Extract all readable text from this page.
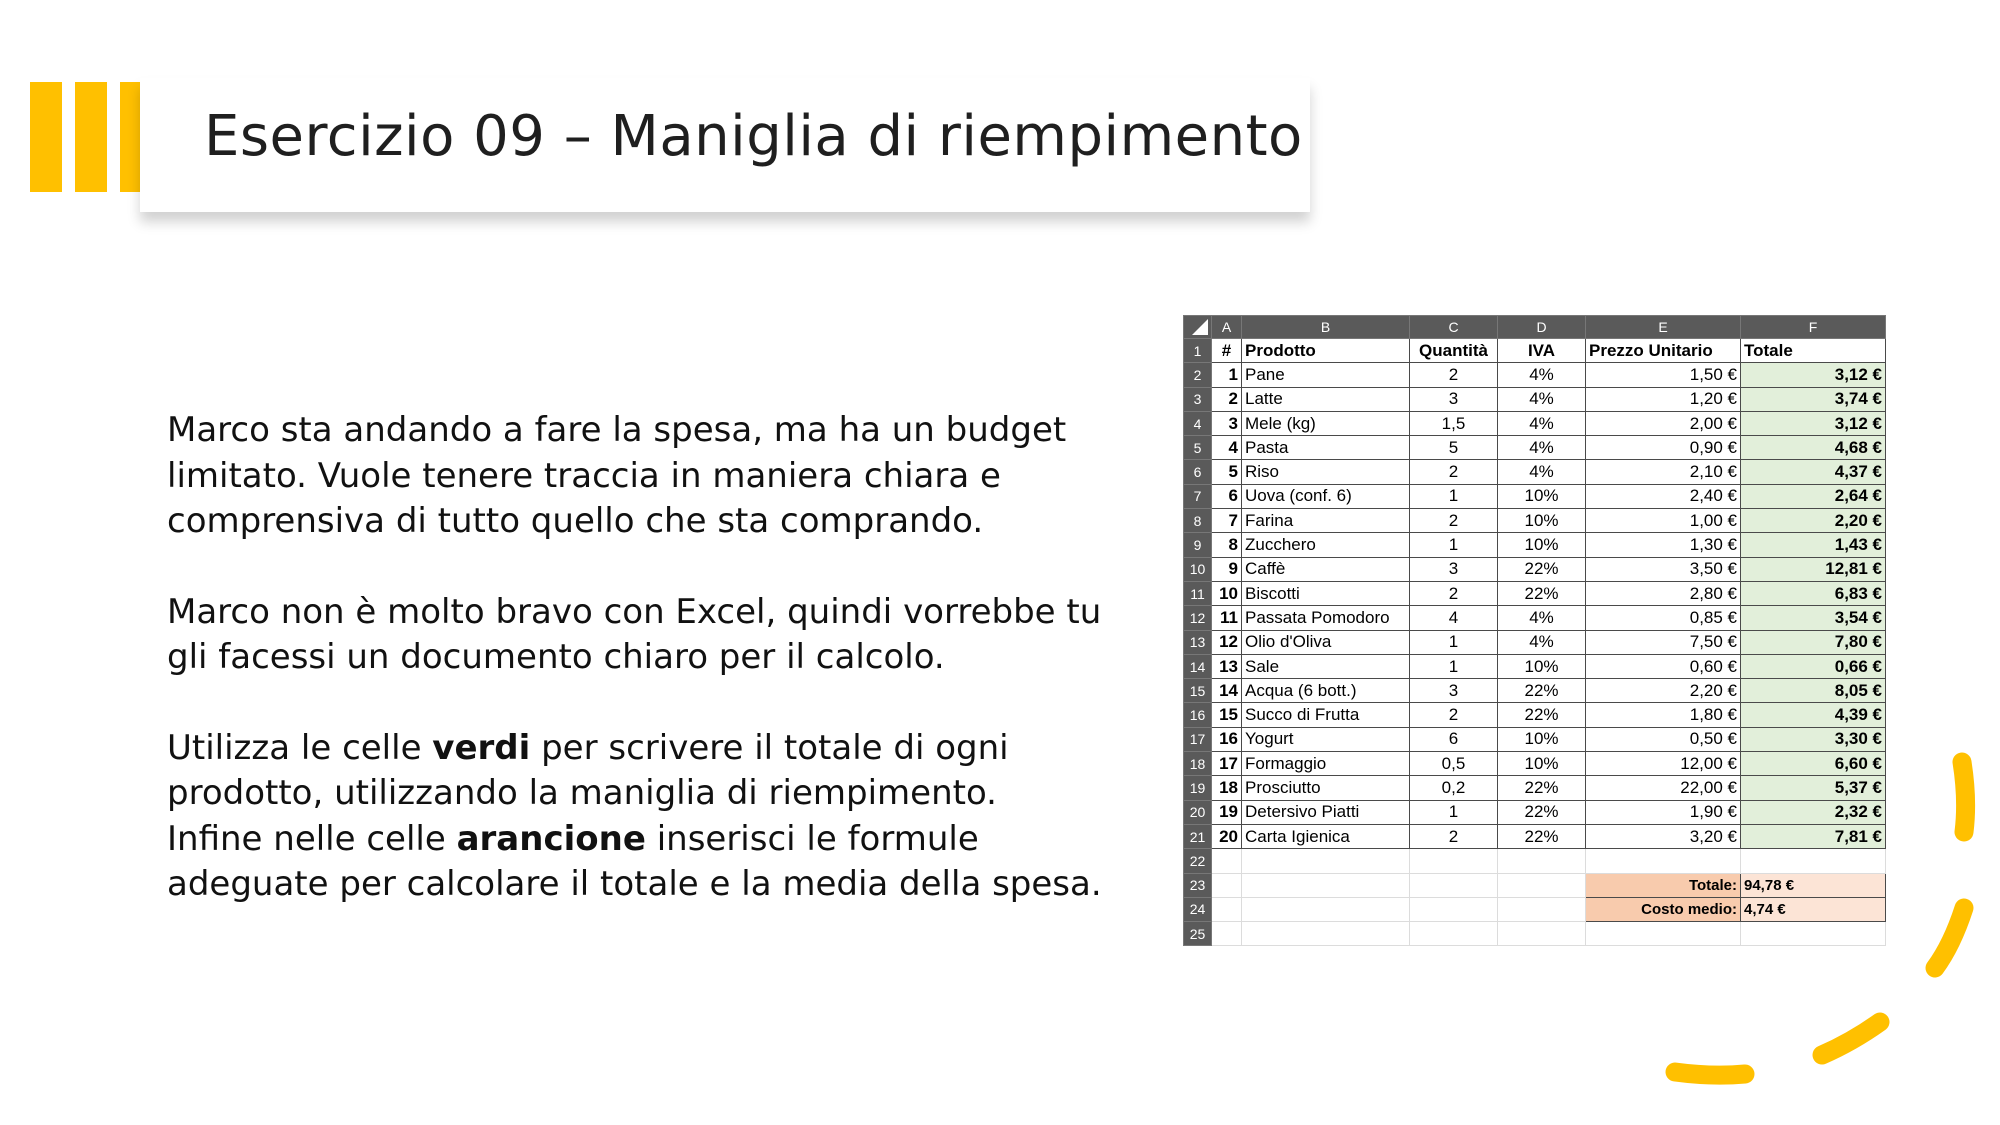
Esercizio 09 – Maniglia di riempimento

Marco sta andando a fare la spesa, ma ha un budget limitato. Vuole tenere traccia in maniera chiara e comprensiva di tutto quello che sta comprando.

Marco non è molto bravo con Excel, quindi vorrebbe tu gli facessi un documento chiaro per il calcolo.

Utilizza le celle verdi per scrivere il totale di ogni prodotto, utilizzando la maniglia di riempimento.
Infine nelle celle arancione inserisci le formule adeguate per calcolare il totale e la media della spesa.

	A	B	C	D	E	F
1	#	Prodotto	Quantità	IVA	Prezzo Unitario	Totale
2	1	Pane	2	4%	1,50 €	3,12 €
3	2	Latte	3	4%	1,20 €	3,74 €
4	3	Mele (kg)	1,5	4%	2,00 €	3,12 €
5	4	Pasta	5	4%	0,90 €	4,68 €
6	5	Riso	2	4%	2,10 €	4,37 €
7	6	Uova (conf. 6)	1	10%	2,40 €	2,64 €
8	7	Farina	2	10%	1,00 €	2,20 €
9	8	Zucchero	1	10%	1,30 €	1,43 €
10	9	Caffè	3	22%	3,50 €	12,81 €
11	10	Biscotti	2	22%	2,80 €	6,83 €
12	11	Passata Pomodoro	4	4%	0,85 €	3,54 €
13	12	Olio d'Oliva	1	4%	7,50 €	7,80 €
14	13	Sale	1	10%	0,60 €	0,66 €
15	14	Acqua (6 bott.)	3	22%	2,20 €	8,05 €
16	15	Succo di Frutta	2	22%	1,80 €	4,39 €
17	16	Yogurt	6	10%	0,50 €	3,30 €
18	17	Formaggio	0,5	10%	12,00 €	6,60 €
19	18	Prosciutto	0,2	22%	22,00 €	5,37 €
20	19	Detersivo Piatti	1	22%	1,90 €	2,32 €
21	20	Carta Igienica	2	22%	3,20 €	7,81 €
22						
23					Totale:	94,78 €
24					Costo medio:	4,74 €
25						
